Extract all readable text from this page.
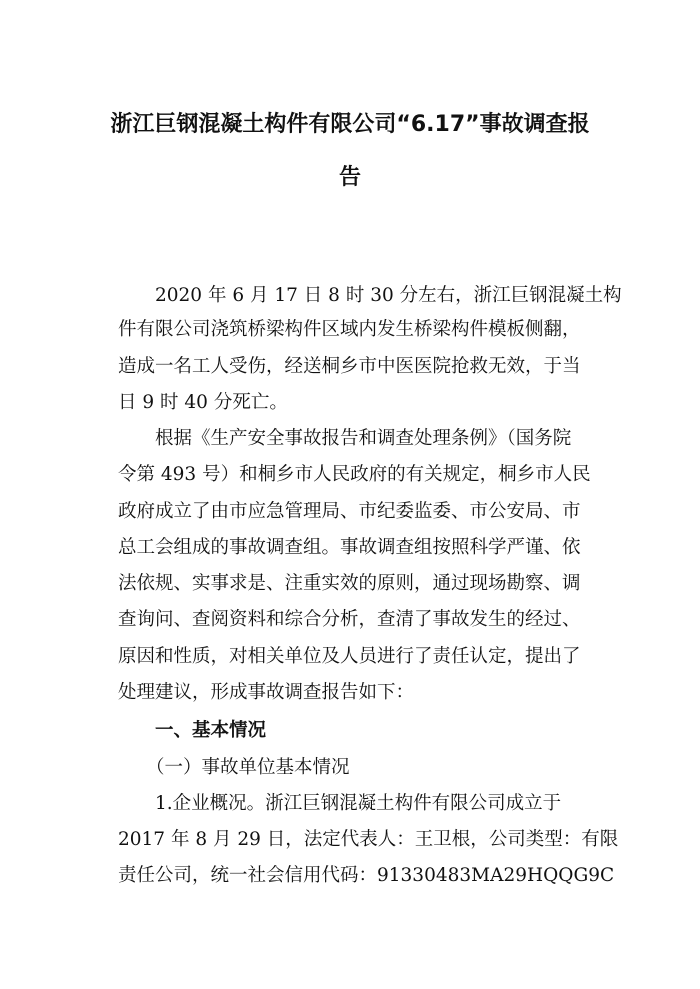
浙江巨钢混凝土构件有限公司“6.17”事故调查报
告

2020 年 6 月 17 日 8 时 30 分左右，浙江巨钢混凝土构

件有限公司浇筑桥梁构件区域内发生桥梁构件模板侧翻，

造成一名工人受伤，经送桐乡市中医医院抢救无效，于当

日 9 时 40 分死亡。

根据《生产安全事故报告和调查处理条例》（国务院

令第 493 号）和桐乡市人民政府的有关规定，桐乡市人民

政府成立了由市应急管理局、市纪委监委、市公安局、市

总工会组成的事故调查组。事故调查组按照科学严谨、依

法依规、实事求是、注重实效的原则，通过现场勘察、调

查询问、查阅资料和综合分析，查清了事故发生的经过、

原因和性质，对相关单位及人员进行了责任认定，提出了

处理建议，形成事故调查报告如下：

一、基本情况

（一）事故单位基本情况

1.企业概况。浙江巨钢混凝土构件有限公司成立于

2017 年 8 月 29 日，法定代表人：王卫根，公司类型：有限

责任公司，统一社会信用代码：91330483MA29HQQG9C
